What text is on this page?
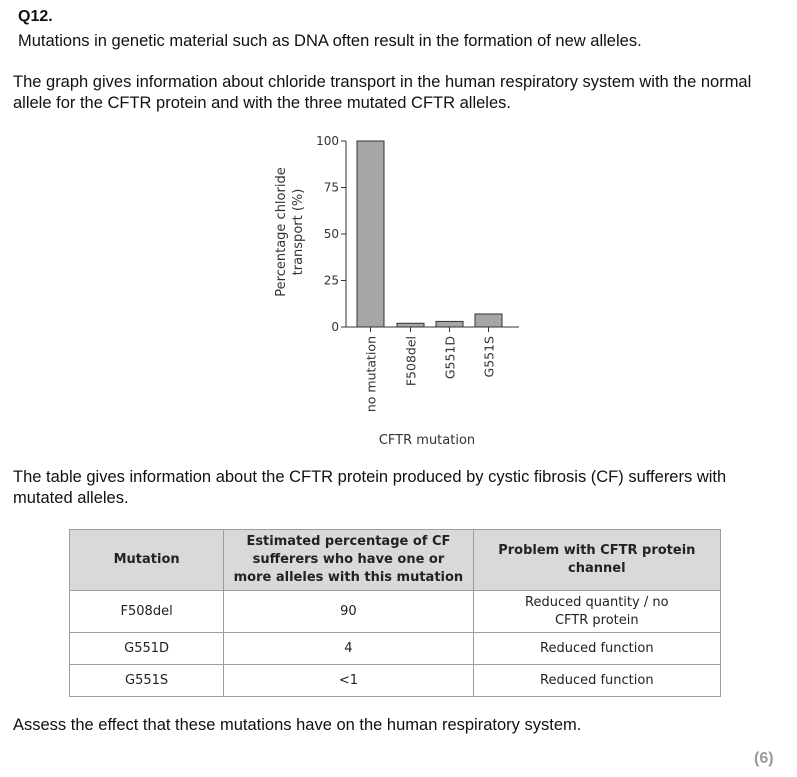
Q12.
Mutations in genetic material such as DNA often result in the formation of new alleles.
The graph gives information about chloride transport in the human respiratory system with the normal allele for the CFTR protein and with the three mutated CFTR alleles.
0
25
50
75
100
no mutation F508del G551D G551S
CFTR mutation
Percentage chloride transport (%)
The table gives information about the CFTR protein produced by cystic fibrosis (CF) sufferers with mutated alleles.
Mutation	Estimated percentage of CF sufferers who have one or more alleles with this mutation	Problem with CFTR protein channel
F508del	90	Reduced quantity / no CFTR protein
G551D	4	Reduced function
G551S	<1	Reduced function
Assess the effect that these mutations have on the human respiratory system.
(6)
